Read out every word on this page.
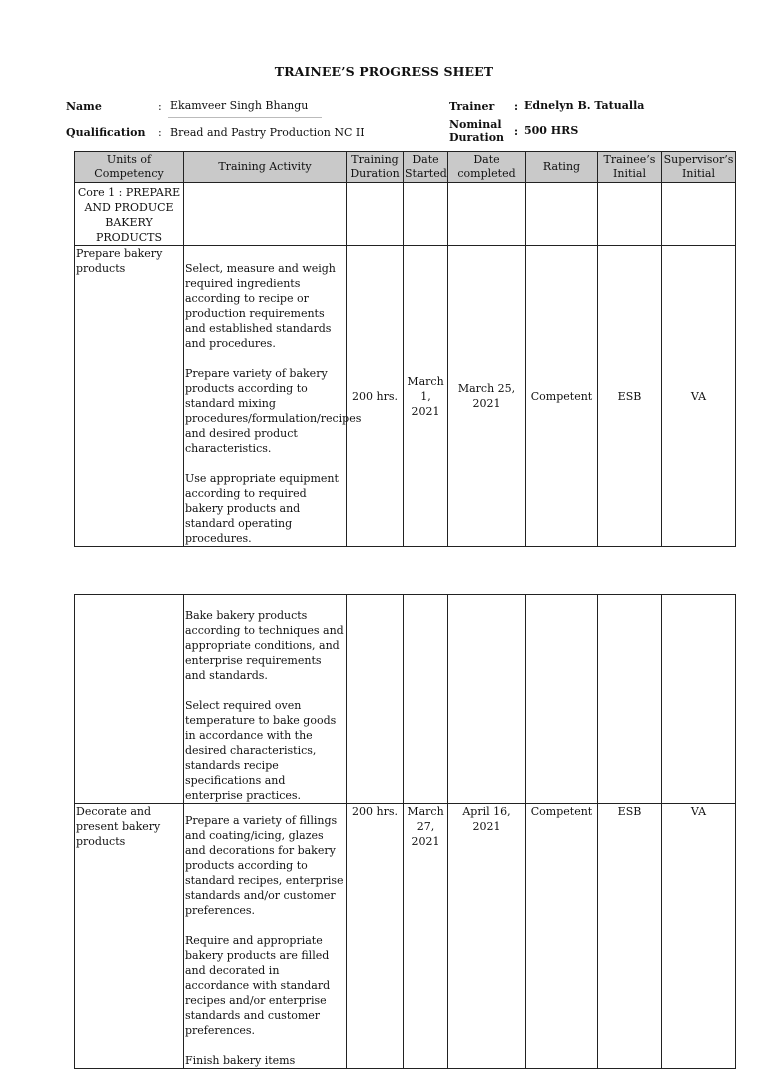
TRAINEE’S PROGRESS SHEET
Name	: Ekamveer Singh Bhangu
Qualification : Bread and Pastry Production NC II
Trainer : Ednelyn B. Tatualla
Nominal
Duration : 500 HRS
Units of Competency	Training Activity	Training Duration	Date Started	Date completed	Rating	Trainee’s Initial	Supervisor’s Initial
Core 1 : PREPARE AND PRODUCE BAKERY PRODUCTS							
Prepare bakery products	Select, measure and weigh required ingredients according to recipe or production requirements and established standards and procedures.
Prepare variety of bakery products according to standard mixing procedures/formulation/recipes and desired product characteristics.
Use appropriate equipment according to required bakery products and standard operating procedures.	200 hrs.	March 1, 2021	March 25, 2021	Competent	ESB	VA

	Bake bakery products according to techniques and appropriate conditions, and enterprise requirements and standards.
Select required oven temperature to bake goods in accordance with the desired characteristics, standards recipe specifications and enterprise practices.						

Decorate and present bakery products	Prepare a variety of fillings and coating/icing, glazes and decorations for bakery products according to standard recipes, enterprise standards and/or customer preferences.
Require and appropriate bakery products are filled and decorated in accordance with standard recipes and/or enterprise standards and customer preferences.
Finish bakery items	200 hrs.	March 27, 2021	April 16, 2021	Competent	ESB	VA
